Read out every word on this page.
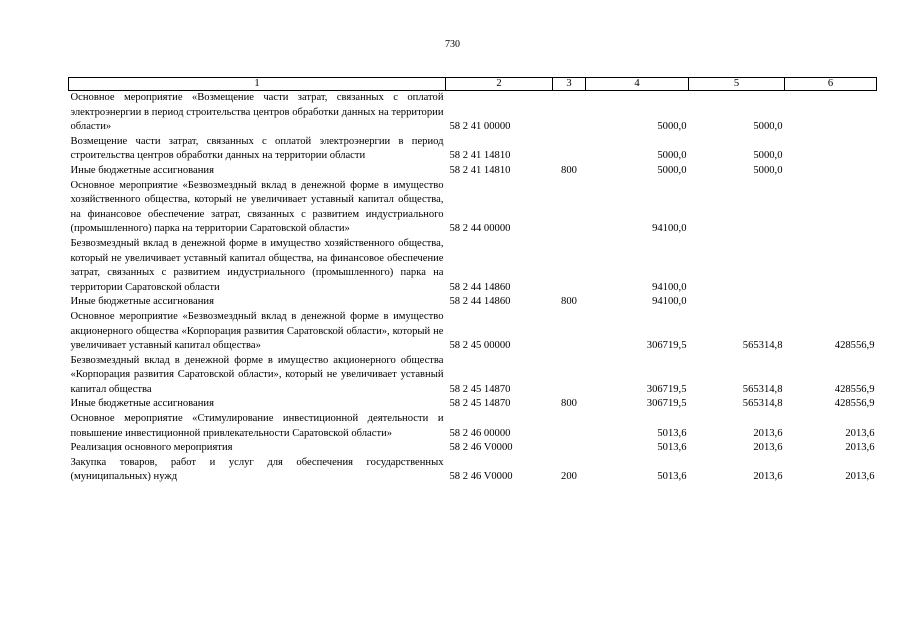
730
1	2	3	4	5	6
Основное мероприятие «Возмещение части затрат, связанных с оплатой электроэнергии в период строительства центров обработки данных на территории области»	58 2 41 00000		5000,0	5000,0	
Возмещение части затрат, связанных с оплатой электроэнергии в период строительства центров обработки данных на территории области	58 2 41 14810		5000,0	5000,0	
Иные бюджетные ассигнования	58 2 41 14810	800	5000,0	5000,0	
Основное мероприятие «Безвозмездный вклад в денежной форме в имущество хозяйственного общества, который не увеличивает уставный капитал общества, на финансовое обеспечение затрат, связанных с развитием индустриального (промышленного) парка на территории Саратовской области»	58 2 44 00000		94100,0		
Безвозмездный вклад в денежной форме в имущество хозяйственного общества, который не увеличивает уставный капитал общества, на финансовое обеспечение затрат, связанных с развитием индустриального (промышленного) парка на территории Саратовской области	58 2 44 14860		94100,0		
Иные бюджетные ассигнования	58 2 44 14860	800	94100,0		
Основное мероприятие «Безвозмездный вклад в денежной форме в имущество акционерного общества «Корпорация развития Саратовской области», который не увеличивает уставный капитал общества»	58 2 45 00000		306719,5	565314,8	428556,9
Безвозмездный вклад в денежной форме в имущество акционерного общества «Корпорация развития Саратовской области», который не увеличивает уставный капитал общества	58 2 45 14870		306719,5	565314,8	428556,9
Иные бюджетные ассигнования	58 2 45 14870	800	306719,5	565314,8	428556,9
Основное мероприятие «Стимулирование инвестиционной деятельности и повышение инвестиционной привлекательности Саратовской области»	58 2 46 00000		5013,6	2013,6	2013,6
Реализация основного мероприятия	58 2 46 V0000		5013,6	2013,6	2013,6
Закупка товаров, работ и услуг для обеспечения государственных (муниципальных) нужд	58 2 46 V0000	200	5013,6	2013,6	2013,6
